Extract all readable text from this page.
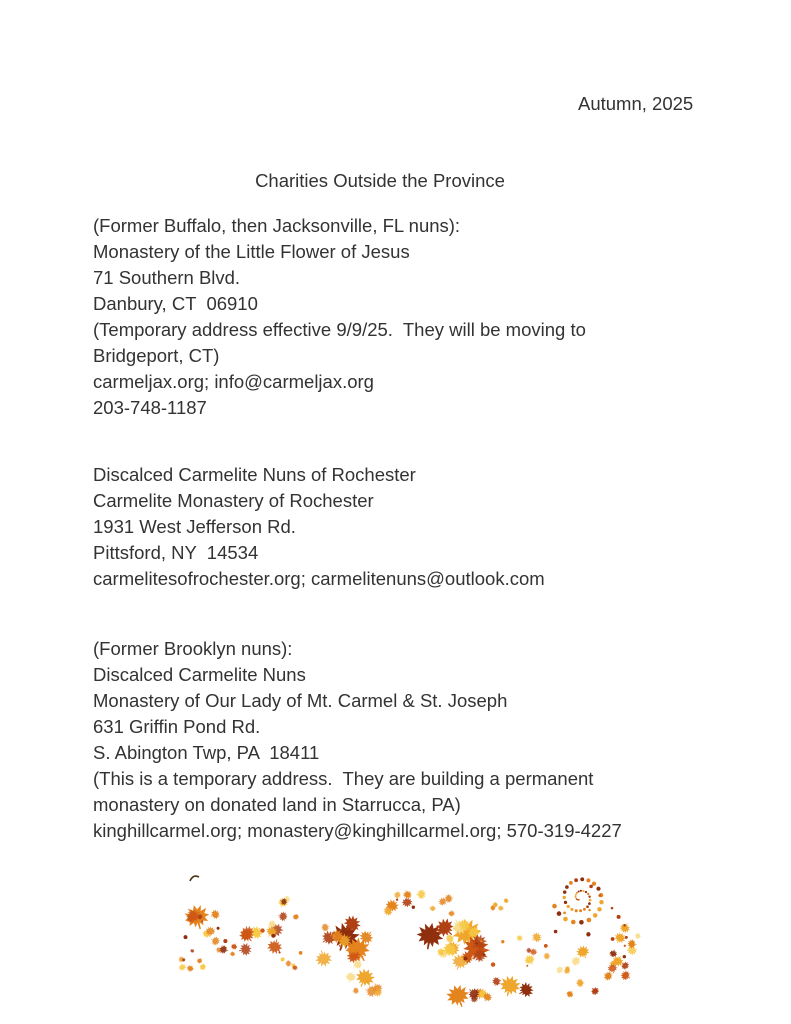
Autumn, 2025
Charities Outside the Province

(Former Buffalo, then Jacksonville, FL nuns):

Monastery of the Little Flower of Jesus

71 Southern Blvd.

Danbury, CT  06910

(Temporary address effective 9/9/25.  They will be moving to

Bridgeport, CT)

carmeljax.org; info@carmeljax.org

203-748-1187

Discalced Carmelite Nuns of Rochester

Carmelite Monastery of Rochester

1931 West Jefferson Rd.

Pittsford, NY  14534

carmelitesofrochester.org; carmelitenuns@outlook.com

(Former Brooklyn nuns):

Discalced Carmelite Nuns

Monastery of Our Lady of Mt. Carmel & St. Joseph

631 Griffin Pond Rd.

S. Abington Twp, PA  18411

(This is a temporary address.  They are building a permanent

monastery on donated land in Starrucca, PA)

kinghillcarmel.org; monastery@kinghillcarmel.org; 570-319-4227
